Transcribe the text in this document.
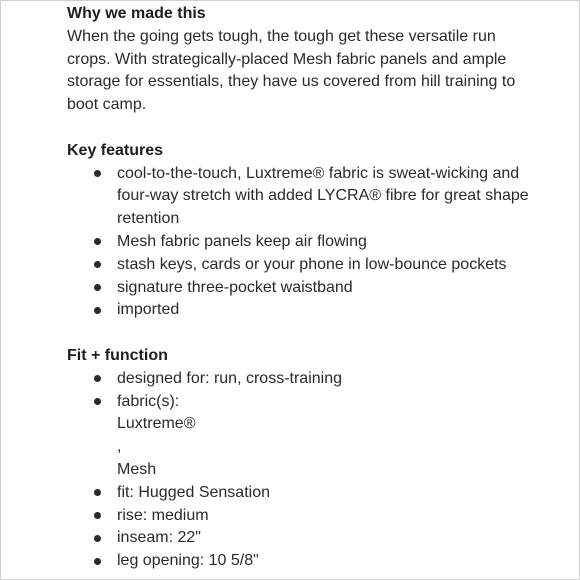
Why we made this

When the going gets tough, the tough get these versatile run crops. With strategically-placed Mesh fabric panels and ample storage for essentials, they have us covered from hill training to boot camp.

Key features
cool-to-the-touch, Luxtreme® fabric is sweat-wicking and four-way stretch with added LYCRA® fibre for great shape retention
Mesh fabric panels keep air flowing
stash keys, cards or your phone in low-bounce pockets
signature three-pocket waistband
imported
Fit + function
designed for: run, cross-training
fabric(s):
Luxtreme®
,
Mesh
fit: Hugged Sensation
rise: medium
inseam: 22"
leg opening: 10 5/8"
